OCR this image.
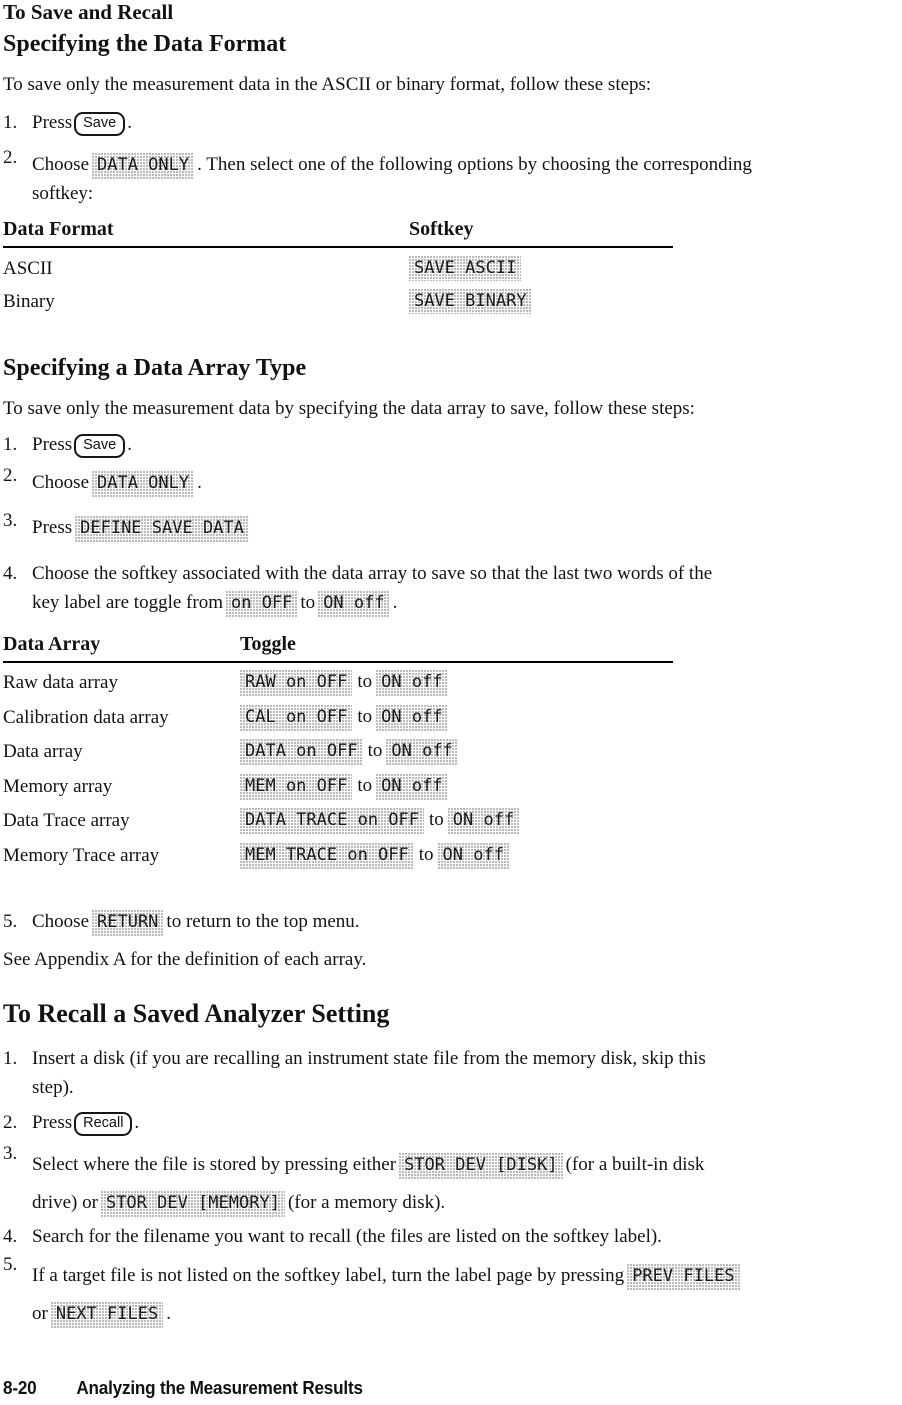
To Save and Recall
Specifying the Data Format
To save only the measurement data in the ASCII or binary format, follow these steps:
1. Press Save .
2. Choose DATA ONLY . Then select one of the following options by choosing the corresponding
softkey:
Data Format	Softkey
ASCII	SAVE ASCII
Binary	SAVE BINARY
Specifying a Data Array Type
To save only the measurement data by specifying the data array to save, follow these steps:
1. Press Save .
2. Choose DATA ONLY .
3. Press DEFINE SAVE DATA
4. Choose the softkey associated with the data array to save so that the last two words of the
key label are toggle from on OFF to ON off .
Data Array	Toggle
Raw data array	RAW on OFF to ON off
Calibration data array	CAL on OFF to ON off
Data array	DATA on OFF to ON off
Memory array	MEM on OFF to ON off
Data Trace array	DATA TRACE on OFF to ON off
Memory Trace array	MEM TRACE on OFF to ON off
5. Choose RETURN to return to the top menu.
See Appendix A for the definition of each array.
To Recall a Saved Analyzer Setting
1. Insert a disk (if you are recalling an instrument state file from the memory disk, skip this
step).
2. Press Recall .
3.
Select where the file is stored by pressing either STOR DEV [DISK] (for a built-in disk
drive) or STOR DEV [MEMORY] (for a memory disk).
4. Search for the filename you want to recall (the files are listed on the softkey label).
5.
If a target file is not listed on the softkey label, turn the label page by pressing PREV FILES
or NEXT FILES .
8-20 Analyzing the Measurement Results
